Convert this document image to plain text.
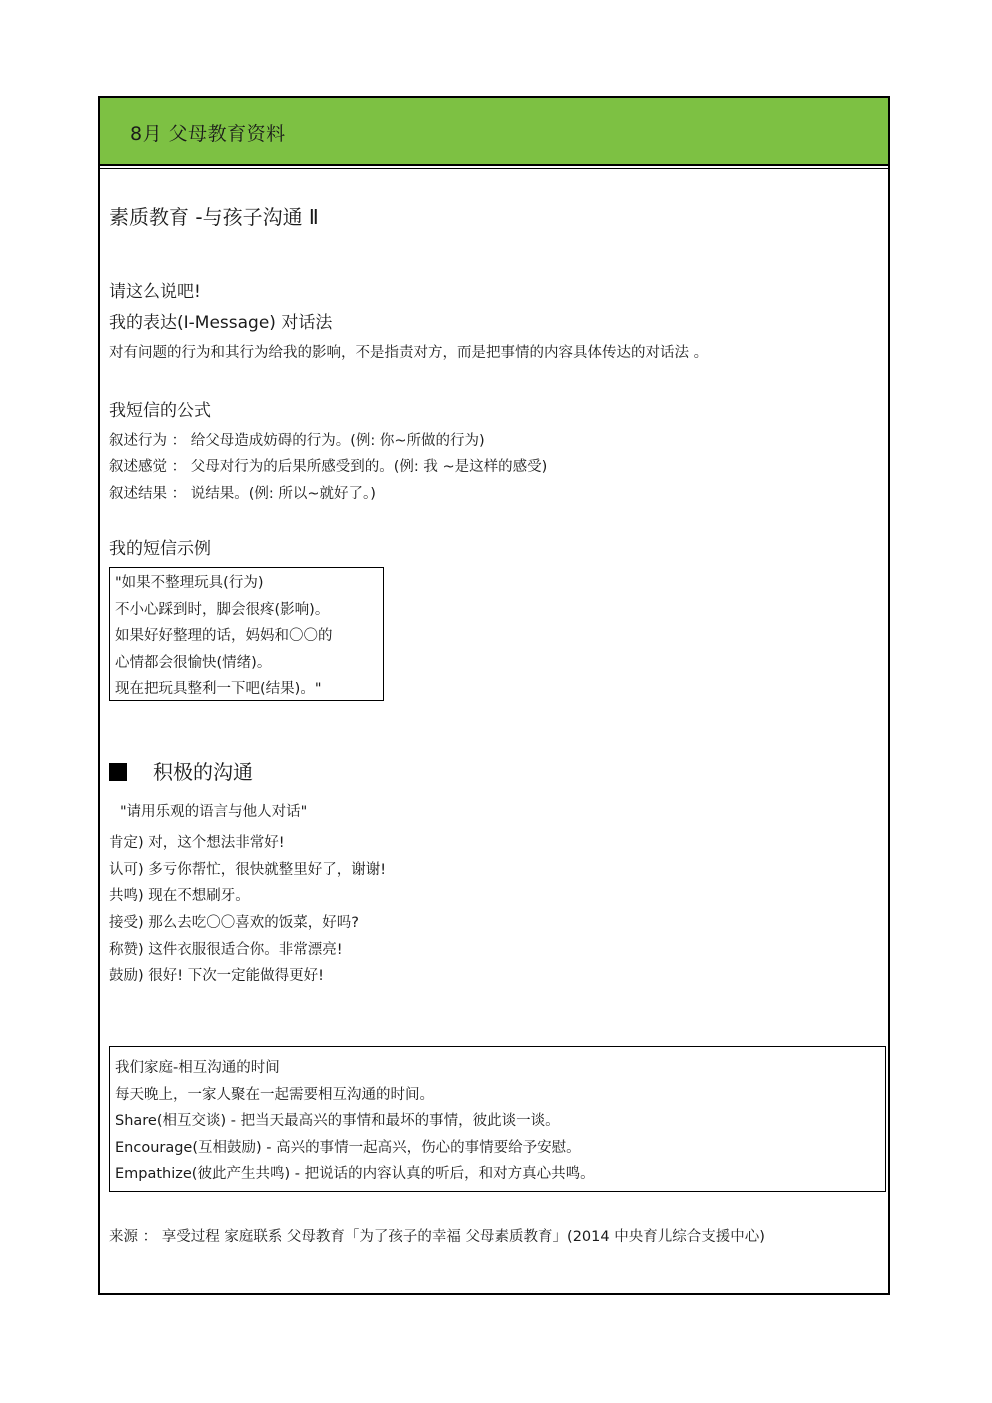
8月 父母教育资料
素质教育 -与孩子沟通 Ⅱ
请这么说吧!
我的表达(I-Message) 对话法
对有问题的行为和其行为给我的影响，不是指责对方，而是把事情的内容具体传达的对话法 。
我短信的公式
叙述行为 ： 给父母造成妨碍的行为。(例: 你~所做的行为)
叙述感觉 ： 父母对行为的后果所感受到的。(例: 我 ~是这样的感受)
叙述结果 ： 说结果。(例: 所以~就好了。)
我的短信示例
"如果不整理玩具(行为)
不小心踩到时，脚会很疼(影响)。
如果好好整理的话，妈妈和〇〇的
心情都会很愉快(情绪)。
现在把玩具整利一下吧(结果)。"
积极的沟通
"请用乐观的语言与他人对话"
肯定) 对，这个想法非常好!
认可) 多亏你帮忙，很快就整里好了，谢谢!
共鸣) 现在不想刷牙。
接受) 那么去吃〇〇喜欢的饭菜，好吗?
称赞) 这件衣服很适合你。非常漂亮!
鼓励) 很好! 下次一定能做得更好!
我们家庭-相互沟通的时间
每天晚上，一家人聚在一起需要相互沟通的时间。
Share(相互交谈) - 把当天最高兴的事情和最坏的事情，彼此谈一谈。
Encourage(互相鼓励) - 高兴的事情一起高兴，伤心的事情要给予安慰。
Empathize(彼此产生共鸣) - 把说话的内容认真的听后，和对方真心共鸣。
来源 ： 享受过程 家庭联系 父母教育「为了孩子的幸福 父母素质教育」(2014 中央育儿综合支援中心)
